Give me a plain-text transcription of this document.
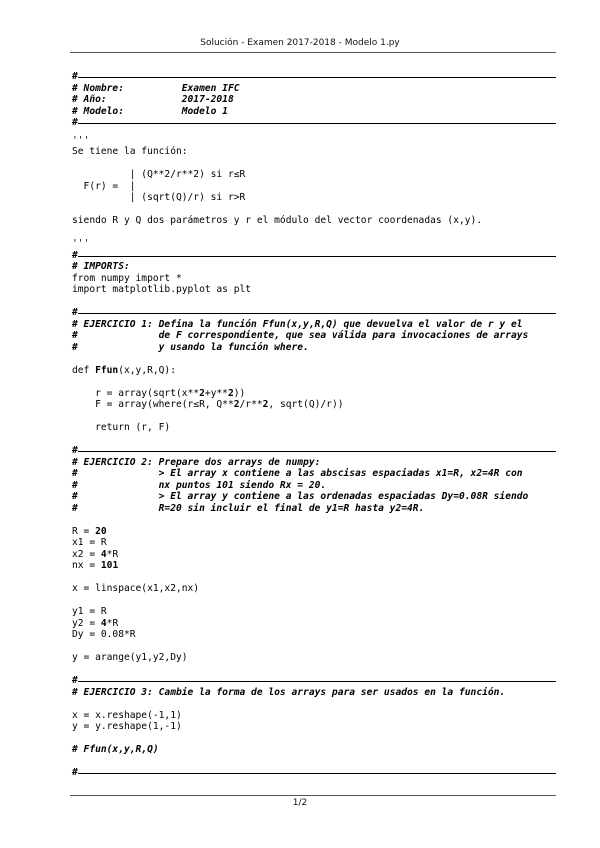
Solución - Examen 2017-2018 - Modelo 1.py
#
# Nombre:          Examen IFC
# Año:             2017-2018
# Modelo:          Modelo 1
#
'''
Se tiene la función:
| (Q**2/r**2) si r≤R
F(r) =  |
| (sqrt(Q)/r) si r>R
siendo R y Q dos parámetros y r el módulo del vector coordenadas (x,y).
'''
#
# IMPORTS:
from numpy import *
import matplotlib.pyplot as plt
#
# EJERCICIO 1: Defina la función Ffun(x,y,R,Q) que devuelva el valor de r y el
#              de F correspondiente, que sea válida para invocaciones de arrays
#              y usando la función where.
def Ffun(x,y,R,Q):
r = array(sqrt(x**2+y**2))
F = array(where(r≤R, Q**2/r**2, sqrt(Q)/r))
return (r, F)
#
# EJERCICIO 2: Prepare dos arrays de numpy:
#              > El array x contiene a las abscisas espaciadas x1=R, x2=4R con
#              nx puntos 101 siendo Rx = 20.
#              > El array y contiene a las ordenadas espaciadas Dy=0.08R siendo
#              R=20 sin incluir el final de y1=R hasta y2=4R.
R = 20
x1 = R
x2 = 4*R
nx = 101
x = linspace(x1,x2,nx)
y1 = R
y2 = 4*R
Dy = 0.08*R
y = arange(y1,y2,Dy)
#
# EJERCICIO 3: Cambie la forma de los arrays para ser usados en la función.
x = x.reshape(-1,1)
y = y.reshape(1,-1)
# Ffun(x,y,R,Q)
#
1/2
